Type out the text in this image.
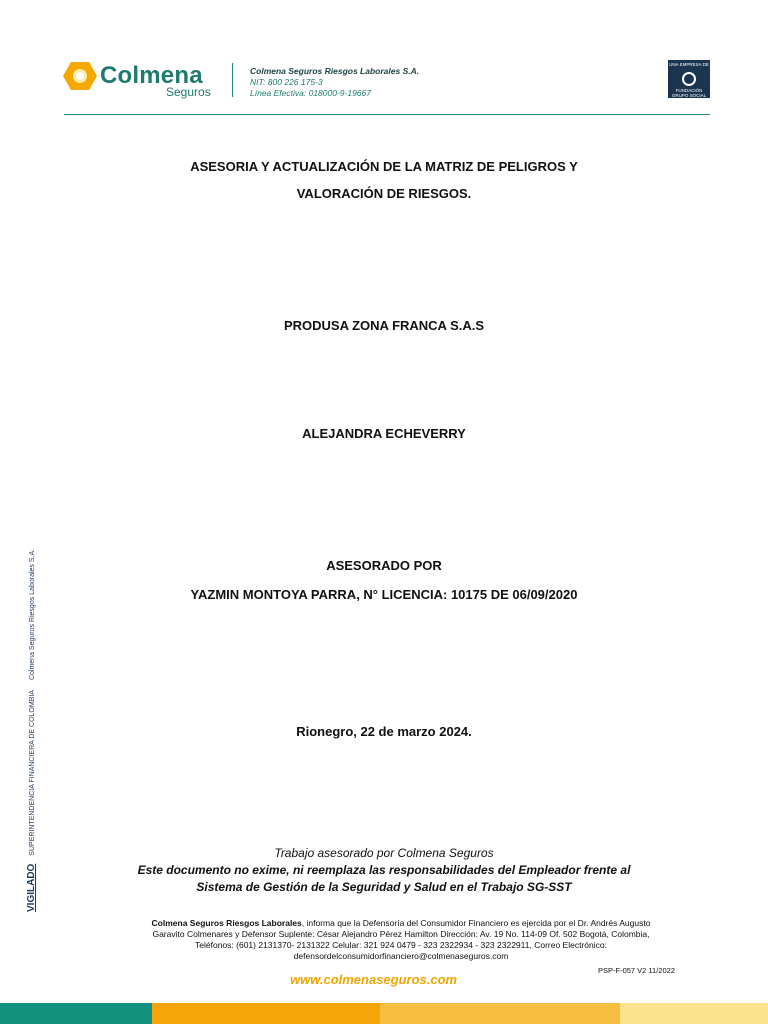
Colmena
Seguros
Colmena Seguros Riesgos Laborales S.A.
NIT: 800 226 175-3
Línea Efectiva: 018000-9-19667
UNA EMPRESA DE
FUNDACIÓN GRUPO SOCIAL
ASESORIA Y ACTUALIZACIÓN DE LA MATRIZ DE PELIGROS Y
VALORACIÓN DE RIESGOS.
PRODUSA ZONA FRANCA S.A.S
ALEJANDRA ECHEVERRY
ASESORADO POR
YAZMIN MONTOYA PARRA, N° LICENCIA: 10175 DE 06/09/2020
Rionegro, 22 de marzo 2024.
Trabajo asesorado por Colmena Seguros
Este documento no exime, ni reemplaza las responsabilidades del Empleador frente al
Sistema de Gestión de la Seguridad y Salud en el Trabajo SG-SST
Colmena Seguros Riesgos Laborales, informa que la Defensoría del Consumidor Financiero es ejercida por el Dr. Andrés Augusto
Garavito Colmenares y Defensor Suplente: César Alejandro Pérez Hamilton Dirección: Av. 19 No. 114-09 Of. 502 Bogotá, Colombia,
Teléfonos: (601) 2131370- 2131322 Celular: 321 924 0479 - 323 2322934 - 323 2322911, Correo Electrónico:
defensordelconsumidorfinanciero@colmenaseguros.com
PSP-F-057 V2 11/2022
www.colmenaseguros.com
VIGILADO SUPERINTENDENCIA FINANCIERA DE COLOMBIA Colmena Seguros Riesgos Laborales S.A.
